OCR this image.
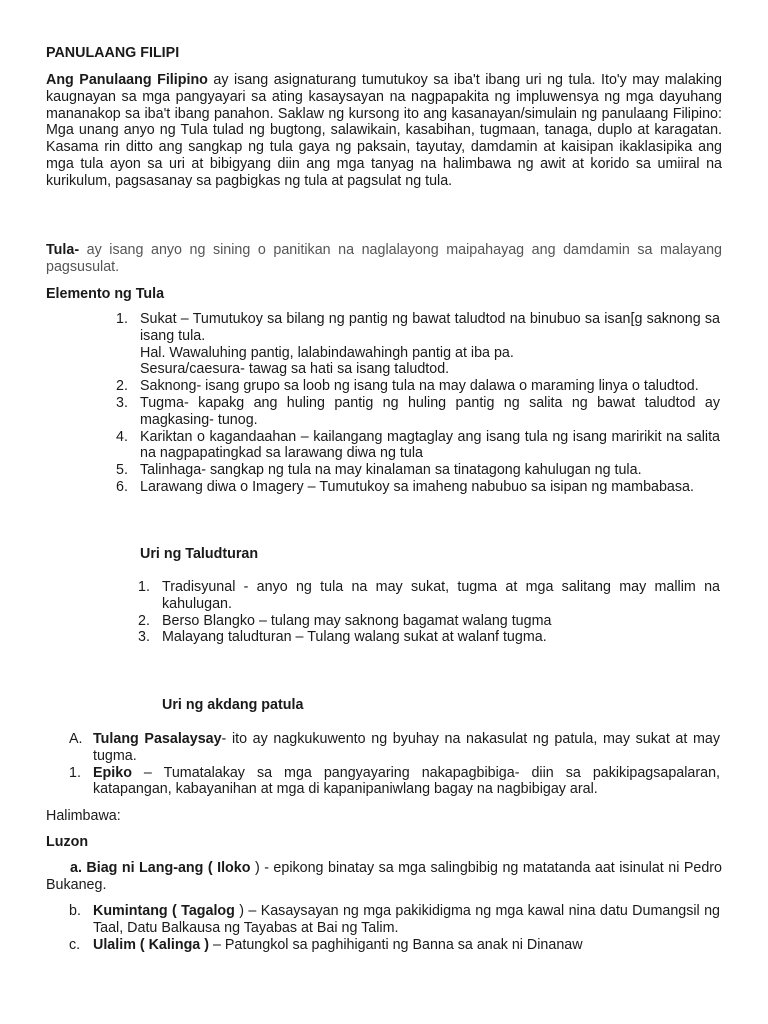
PANULAANG FILIPI

Ang Panulaang Filipino ay isang asignaturang tumutukoy sa iba't ibang uri ng tula. Ito'y may malaking kaugnayan sa mga pangyayari sa ating kasaysayan na nagpapakita ng impluwensya ng mga dayuhang mananakop sa iba't ibang panahon. Saklaw ng kursong ito ang kasanayan/simulain ng panulaang Filipino: Mga unang anyo ng Tula tulad ng bugtong, salawikain, kasabihan, tugmaan, tanaga, duplo at karagatan. Kasama rin ditto ang sangkap ng tula gaya ng paksain, tayutay, damdamin at kaisipan ikaklasipika ang mga tula ayon sa uri at bibigyang diin ang mga tanyag na halimbawa ng awit at korido sa umiiral na kurikulum, pagsasanay sa pagbigkas ng tula at pagsulat ng tula.

Tula- ay isang anyo ng sining o panitikan na naglalayong maipahayag ang damdamin sa malayang pagsusulat.

Elemento ng Tula

1. Sukat – Tumutukoy sa bilang ng pantig ng bawat taludtod na binubuo sa isan[g saknong sa isang tula.
Hal. Wawaluhing pantig, lalabindawahingh pantig at iba pa.
Sesura/caesura- tawag sa hati sa isang taludtod.
2. Saknong- isang grupo sa loob ng isang tula na may dalawa o maraming linya o taludtod.
3. Tugma- kapakg ang huling pantig ng huling pantig ng salita ng bawat taludtod ay magkasing- tunog.
4. Kariktan o kagandaahan – kailangang magtaglay ang isang tula ng isang maririkit na salita na nagpapatingkad sa larawang diwa ng tula
5. Talinhaga- sangkap ng tula na may kinalaman sa tinatagong kahulugan ng tula.
6. Larawang diwa o Imagery – Tumutukoy sa imaheng nabubuo sa isipan ng mambabasa.

Uri ng Taludturan

1. Tradisyunal - anyo ng tula na may sukat, tugma at mga salitang may mallim na kahulugan.
2. Berso Blangko – tulang may saknong bagamat walang tugma
3. Malayang taludturan – Tulang walang sukat at walanf tugma.

Uri ng akdang patula

A. Tulang Pasalaysay- ito ay nagkukuwento ng byuhay na nakasulat ng patula, may sukat at may tugma.
1. Epiko – Tumatalakay sa mga pangyayaring nakapagbibiga- diin sa pakikipagsapalaran, katapangan, kabayanihan at mga di kapanipaniwlang bagay na nagbibigay aral.

Halimbawa:

Luzon

a. Biag ni Lang-ang ( Iloko ) - epikong binatay sa mga salingbibig ng matatanda aat isinulat ni Pedro Bukaneg.

b. Kumintang ( Tagalog ) – Kasaysayan ng mga pakikidigma ng mga kawal nina datu Dumangsil ng Taal, Datu Balkausa ng Tayabas at Bai ng Talim.
c. Ulalim ( Kalinga ) – Patungkol sa paghihiganti ng Banna sa anak ni Dinanaw
